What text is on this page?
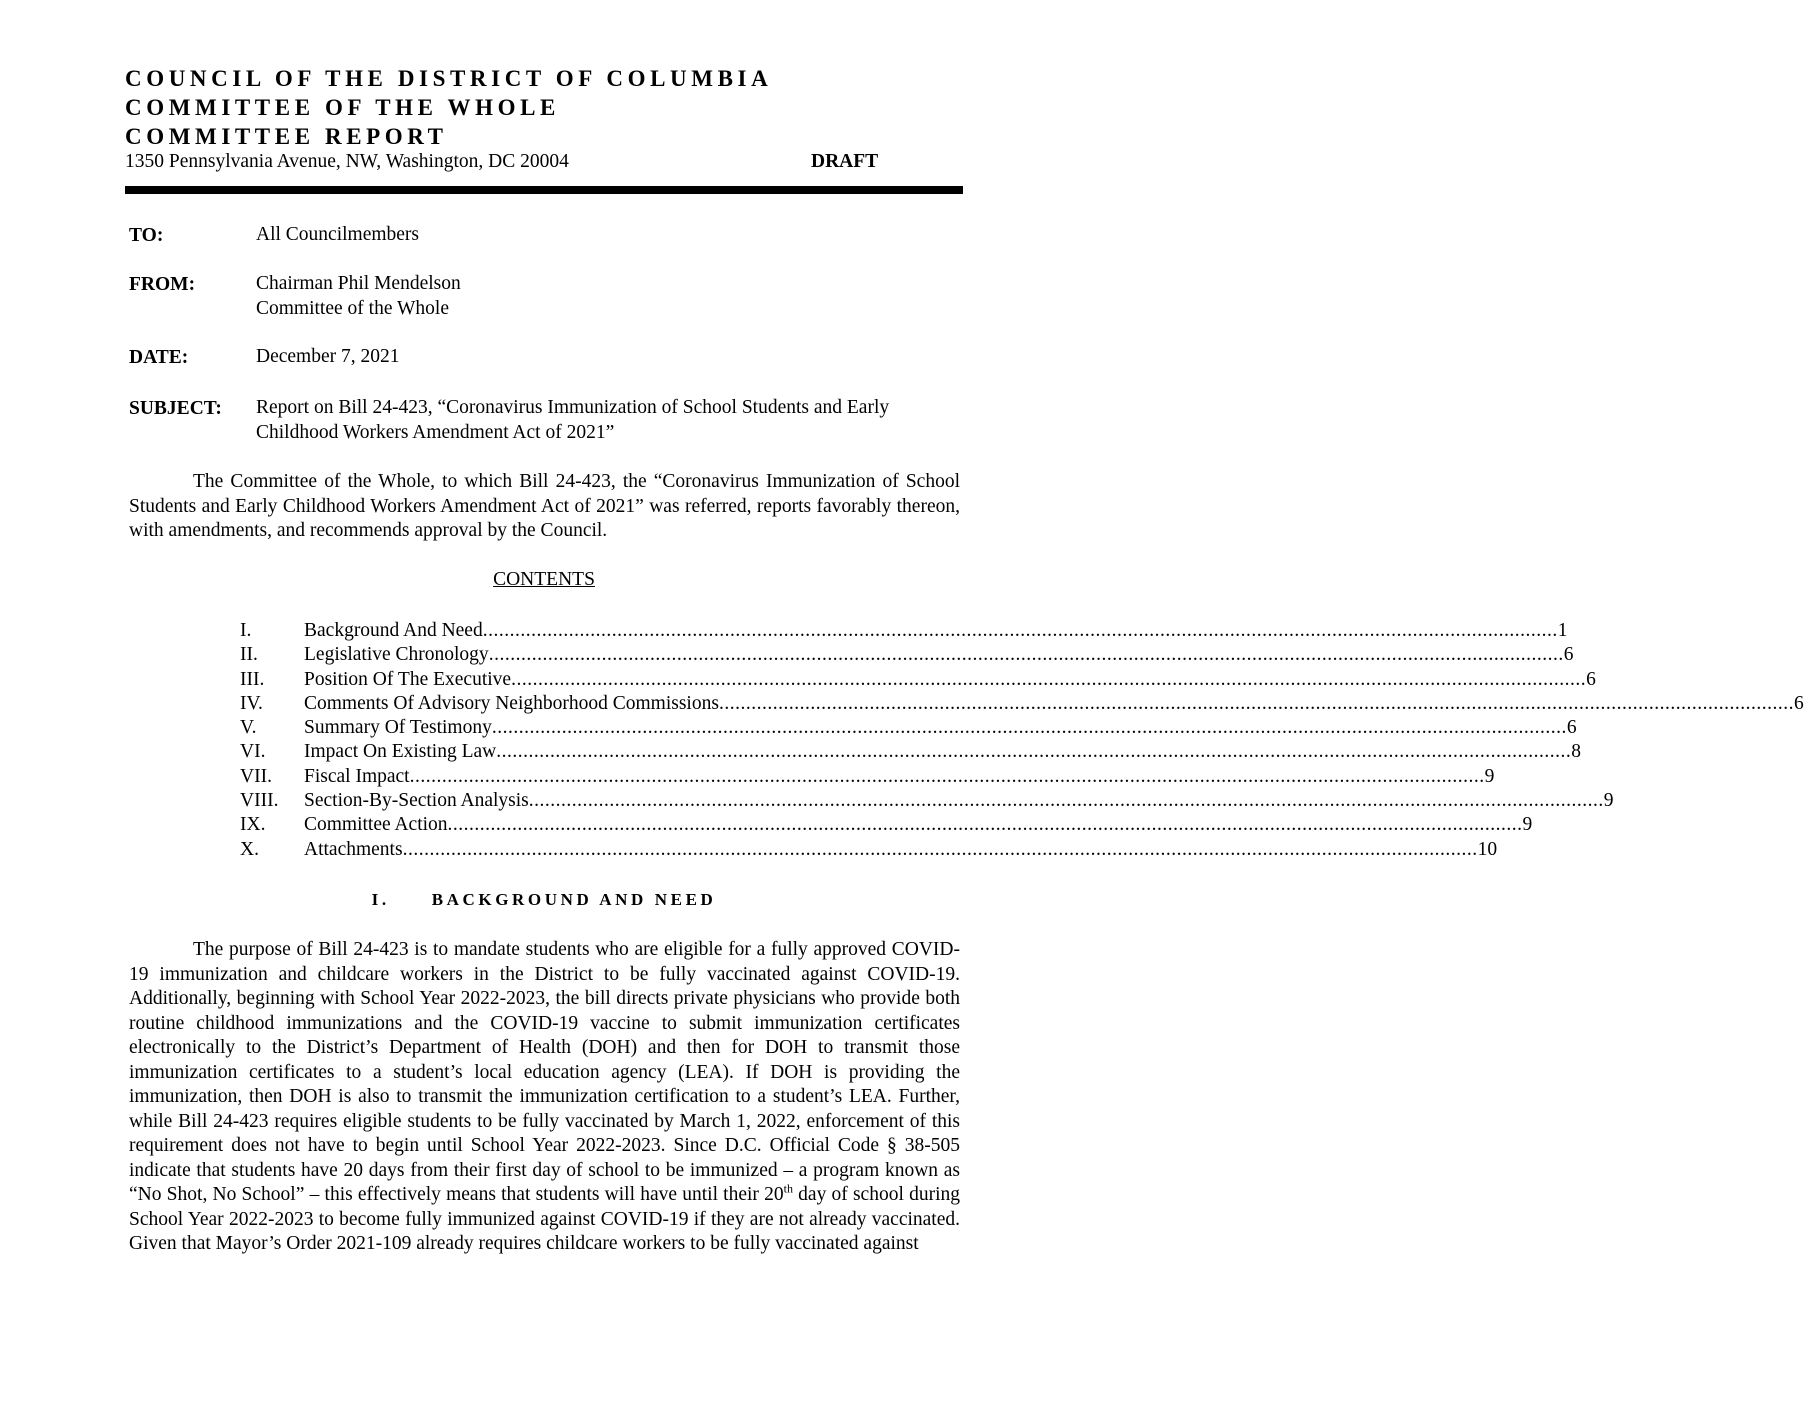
COUNCIL OF THE DISTRICT OF COLUMBIA
COMMITTEE OF THE WHOLE
COMMITTEE REPORT
1350 Pennsylvania Avenue, NW, Washington, DC 20004	DRAFT
TO:	All Councilmembers
FROM:	Chairman Phil Mendelson
Committee of the Whole
DATE:	December 7, 2021
SUBJECT: Report on Bill 24-423, “Coronavirus Immunization of School Students and Early
Childhood Workers Amendment Act of 2021”
The Committee of the Whole, to which Bill 24-423, the “Coronavirus Immunization of School Students and Early Childhood Workers Amendment Act of 2021” was referred, reports favorably thereon, with amendments, and recommends approval by the Council.
CONTENTS
I.	Background And Need ........................................................................................................................................................................................................ 1
II.	Legislative Chronology ........................................................................................................................................................................................................ 6
III.	Position Of The Executive ........................................................................................................................................................................................................ 6
IV.	Comments Of Advisory Neighborhood Commissions ........................................................................................................................................................................................................ 6
V.	Summary Of Testimony ........................................................................................................................................................................................................ 6
VI.	Impact On Existing Law ........................................................................................................................................................................................................ 8
VII.	Fiscal Impact ........................................................................................................................................................................................................ 9
VIII.	Section-By-Section Analysis ........................................................................................................................................................................................................ 9
IX.	Committee Action ........................................................................................................................................................................................................ 9
X.	Attachments ........................................................................................................................................................................................................ 10
I. BACKGROUND AND NEED
The purpose of Bill 24-423 is to mandate students who are eligible for a fully approved COVID-19 immunization and childcare workers in the District to be fully vaccinated against COVID-19. Additionally, beginning with School Year 2022-2023, the bill directs private physicians who provide both routine childhood immunizations and the COVID-19 vaccine to submit immunization certificates electronically to the District’s Department of Health (DOH) and then for DOH to transmit those immunization certificates to a student’s local education agency (LEA). If DOH is providing the immunization, then DOH is also to transmit the immunization certification to a student’s LEA. Further, while Bill 24-423 requires eligible students to be fully vaccinated by March 1, 2022, enforcement of this requirement does not have to begin until School Year 2022-2023. Since D.C. Official Code § 38-505 indicate that students have 20 days from their first day of school to be immunized – a program known as “No Shot, No School” – this effectively means that students will have until their 20th day of school during School Year 2022-2023 to become fully immunized against COVID-19 if they are not already vaccinated. Given that Mayor’s Order 2021-109 already requires childcare workers to be fully vaccinated against
